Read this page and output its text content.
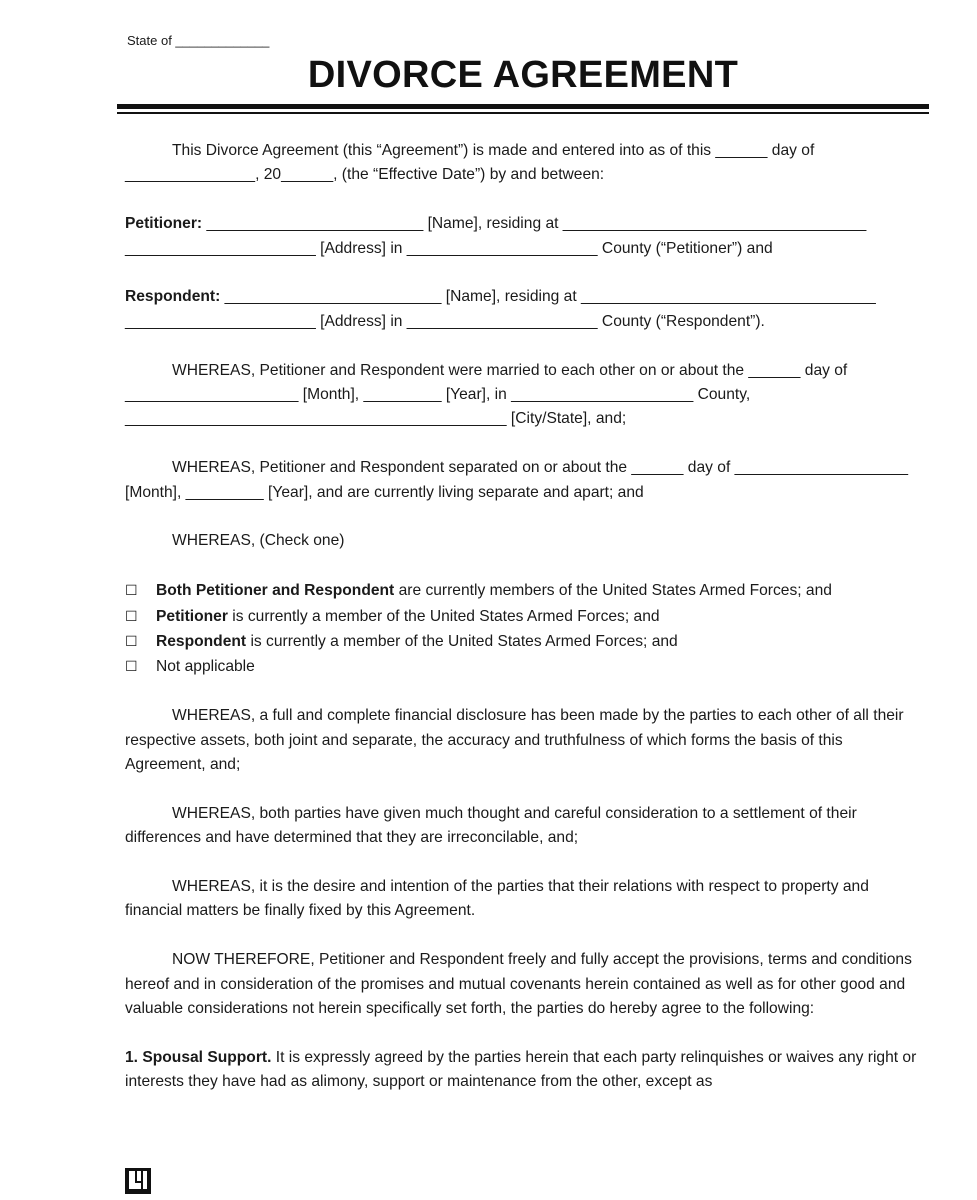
State of _____________
DIVORCE AGREEMENT

This Divorce Agreement (this “Agreement”) is made and entered into as of this ______ day of _______________, 20______, (the “Effective Date”) by and between:

Petitioner: _________________________ [Name], residing at ___________________________________ ______________________ [Address] in ______________________ County (“Petitioner”) and

Respondent: _________________________ [Name], residing at __________________________________ ______________________ [Address] in ______________________ County (“Respondent”).

WHEREAS, Petitioner and Respondent were married to each other on or about the ______ day of ____________________ [Month], _________ [Year], in _____________________ County, ____________________________________________ [City/State], and;

WHEREAS, Petitioner and Respondent separated on or about the ______ day of ____________________ [Month], _________ [Year], and are currently living separate and apart; and

WHEREAS, (Check one)

☐	Both Petitioner and Respondent are currently members of the United States Armed Forces; and
☐	Petitioner is currently a member of the United States Armed Forces; and
☐	Respondent is currently a member of the United States Armed Forces; and
☐	Not applicable

WHEREAS, a full and complete financial disclosure has been made by the parties to each other of all their respective assets, both joint and separate, the accuracy and truthfulness of which forms the basis of this Agreement, and;

WHEREAS, both parties have given much thought and careful consideration to a settlement of their differences and have determined that they are irreconcilable, and;

WHEREAS, it is the desire and intention of the parties that their relations with respect to property and financial matters be finally fixed by this Agreement.

NOW THEREFORE, Petitioner and Respondent freely and fully accept the provisions, terms and conditions hereof and in consideration of the promises and mutual covenants herein contained as well as for other good and valuable considerations not herein specifically set forth, the parties do hereby agree to the following:

1. Spousal Support. It is expressly agreed by the parties herein that each party relinquishes or waives any right or interests they have had as alimony, support or maintenance from the other, except as
